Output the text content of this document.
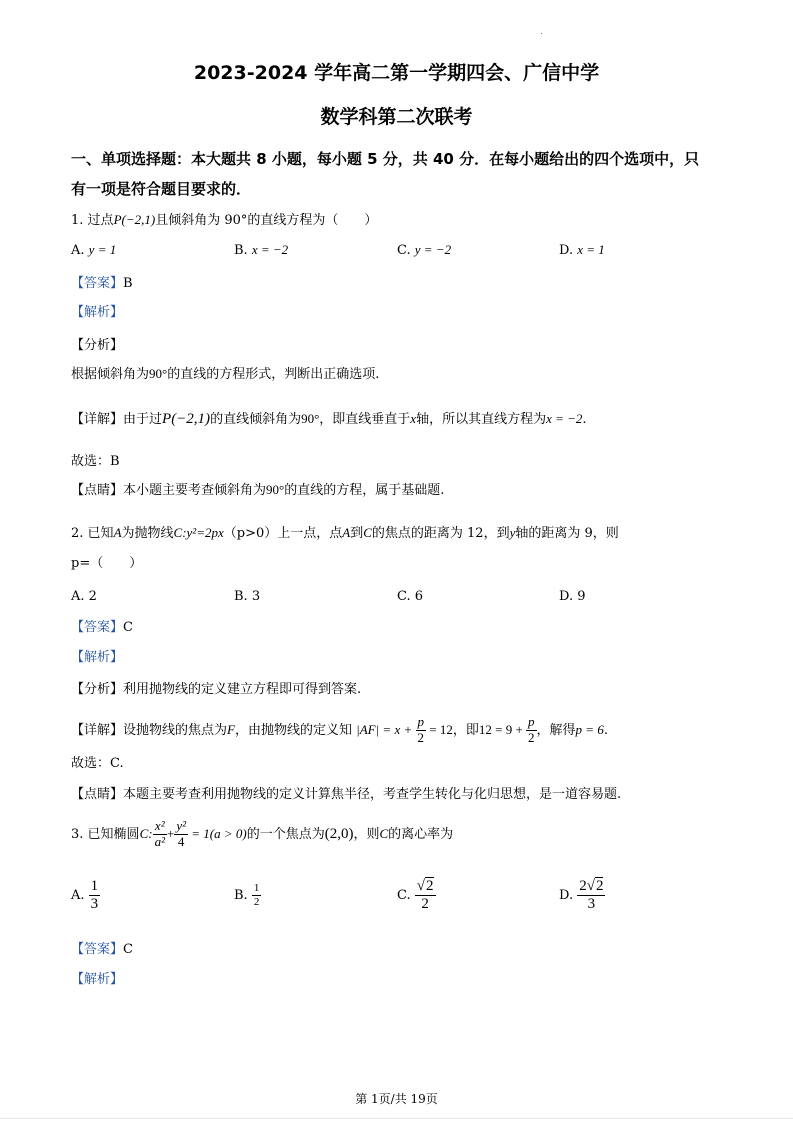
2023-2024 学年高二第一学期四会、广信中学
数学科第二次联考
一、单项选择题：本大题共 8 小题，每小题 5 分，共 40 分．在每小题给出的四个选项中，只
有一项是符合题目要求的．
1. 过点P(−2,1)且倾斜角为 90°的直线方程为（　　）
A. y = 1	B. x = −2	C. y = −2	D. x = 1
【答案】B
【解析】
【分析】
根据倾斜角为90°的直线的方程形式，判断出正确选项.
【详解】由于过P(−2,1)的直线倾斜角为90°，即直线垂直于x轴，所以其直线方程为x = −2.
故选：B
【点睛】本小题主要考查倾斜角为90°的直线的方程，属于基础题.
2. 已知A为抛物线C:y²=2px（p>0）上一点，点A到C的焦点的距离为 12，到y轴的距离为 9，则
p=（　　）
A. 2	B. 3	C. 6	D. 9
【答案】C
【解析】
【分析】利用抛物线的定义建立方程即可得到答案.
【详解】设抛物线的焦点为F，由抛物线的定义知 $|AF| = x + \frac{p}{2} = 12$，即$12 = 9 + \frac{p}{2}$ ，解得p = 6.
故选：C.
【点睛】本题主要考查利用抛物线的定义计算焦半径，考查学生转化与化归思想，是一道容易题.
3. 已知椭圆C: $\frac{\text{x²}}{\text{a²}} + \frac{\text{y²}}{4} = 1(a > 0)$的一个焦点为(2,0)，则C的离心率为
A. $\frac{1}{3}$	B. $\frac{1}{2}$	C. $\frac{√2}{2}$	D. $\frac{2√2}{3}$
【答案】C
【解析】
第 1页/共 19页
